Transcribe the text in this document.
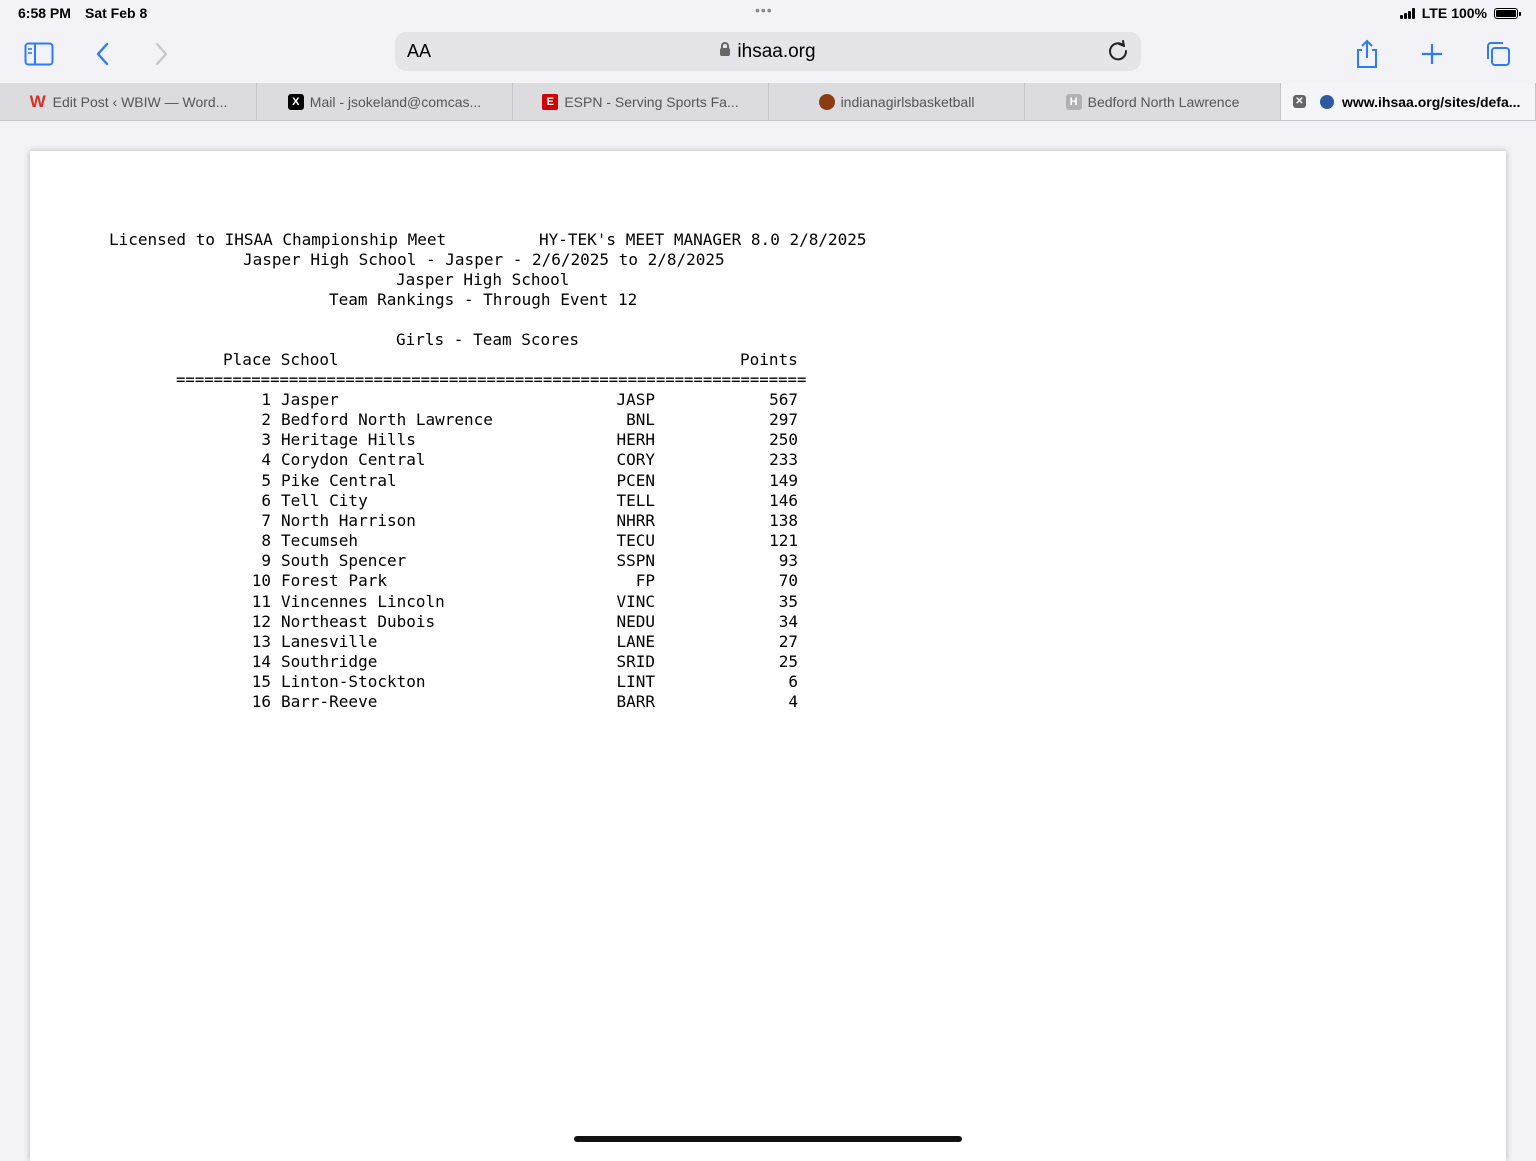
6:58 PM Sat Feb 8	•••	LTE 100%
AA	ihsaa.org
W Edit Post ‹ WBIW — Word...	X Mail - jsokeland@comcas...	E ESPN - Serving Sports Fa...	indianagirlsbasketball	H Bedford North Lawrence	✕	www.ihsaa.org/sites/defa...
Licensed to IHSAA Championship Meet	HY-TEK's MEET MANAGER 8.0 2/8/2025
Jasper High School - Jasper - 2/6/2025 to 2/8/2025
Jasper High School
Team Rankings - Through Event 12
Girls - Team Scores
Place School	Points
===================================================================
1 Jasper	JASP	567
2 Bedford North Lawrence	BNL	297
3 Heritage Hills	HERH	250
4 Corydon Central	CORY	233
5 Pike Central	PCEN	149
6 Tell City	TELL	146
7 North Harrison	NHRR	138
8 Tecumseh	TECU	121
9 South Spencer	SSPN	93
10 Forest Park	FP	70
11 Vincennes Lincoln	VINC	35
12 Northeast Dubois	NEDU	34
13 Lanesville	LANE	27
14 Southridge	SRID	25
15 Linton-Stockton	LINT	6
16 Barr-Reeve	BARR	4
